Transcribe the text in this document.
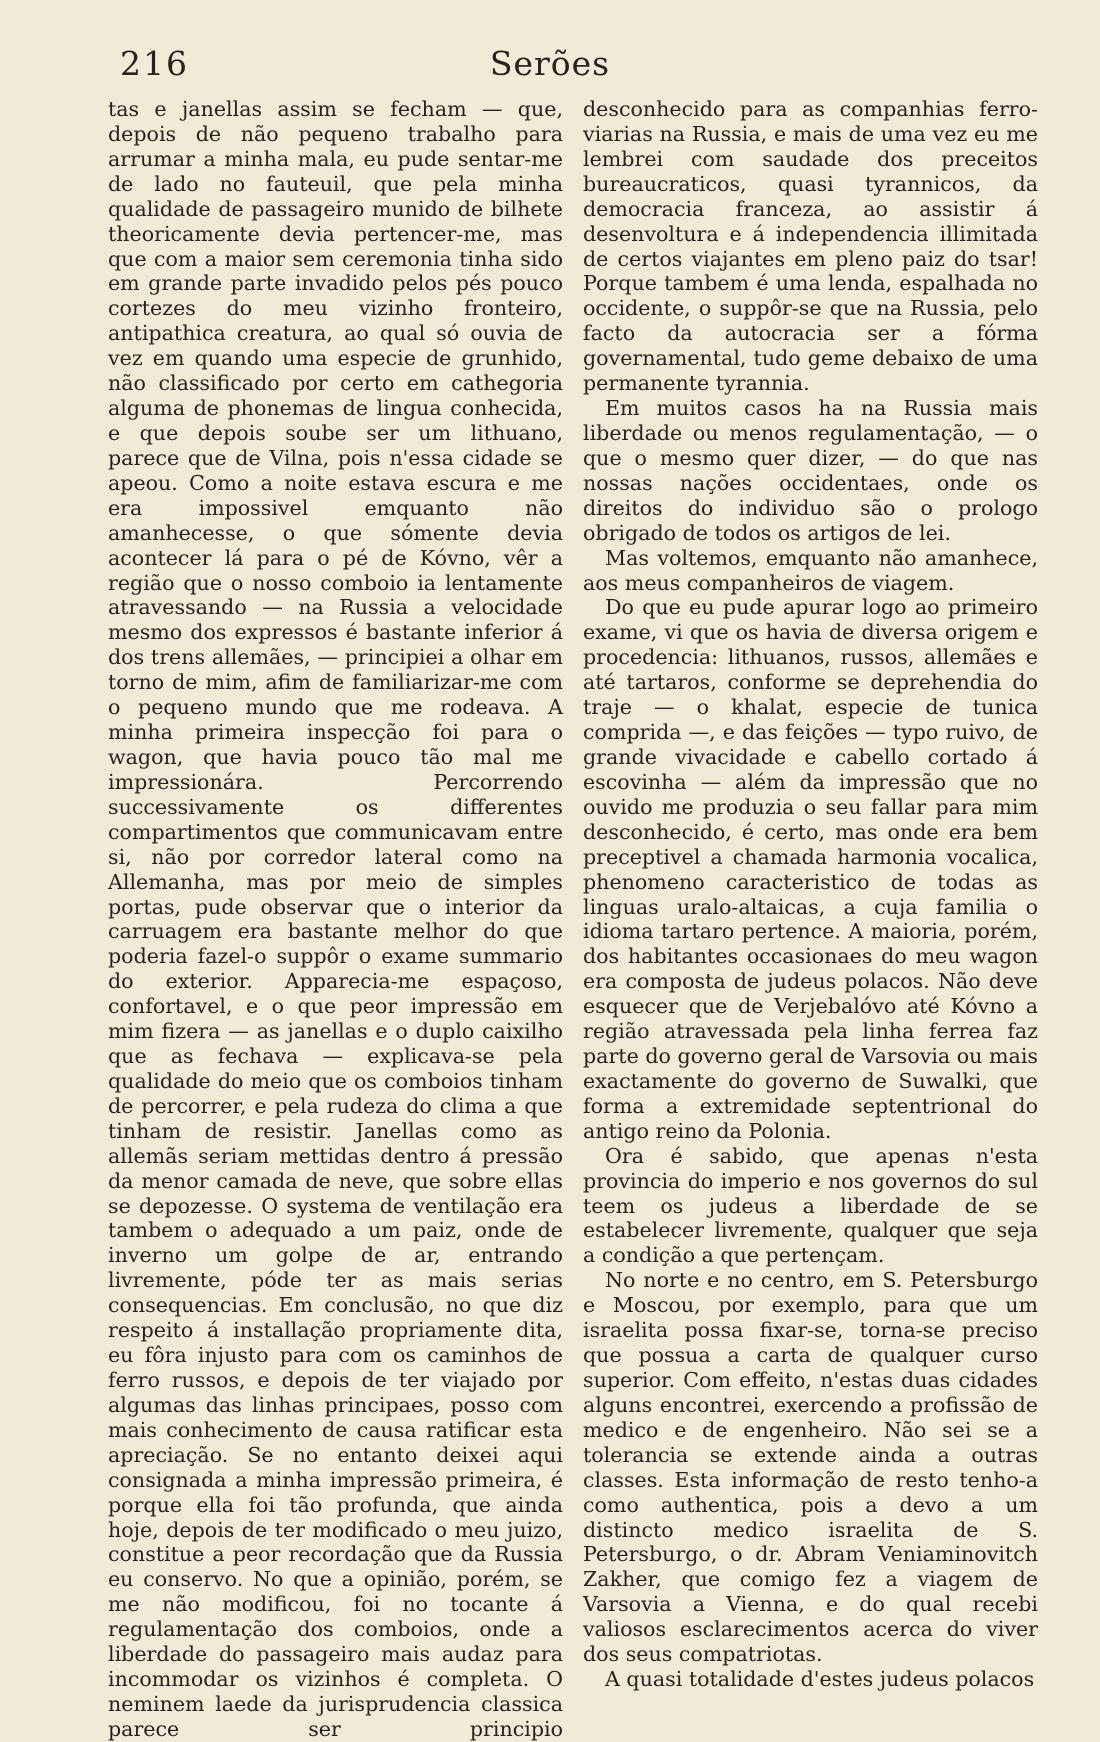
216	Serões

tas e janellas assim se fecham — que, depois de não pequeno trabalho para arrumar a minha mala, eu pude sentar-me de lado no fauteuil, que pela minha qualidade de passageiro munido de bilhete theoricamente devia pertencer-me, mas que com a maior sem ceremonia tinha sido em grande parte invadido pelos pés pouco cortezes do meu vizinho fronteiro, antipathica creatura, ao qual só ouvia de vez em quando uma especie de grunhido, não classificado por certo em cathegoria alguma de phonemas de lingua conhecida, e que depois soube ser um lithuano, parece que de Vilna, pois n'essa cidade se apeou. Como a noite estava escura e me era impossivel emquanto não amanhecesse, o que sómente devia acontecer lá para o pé de Kóvno, vêr a região que o nosso comboio ia lentamente atravessando — na Russia a velocidade mesmo dos expressos é bastante inferior á dos trens allemães, — principiei a olhar em torno de mim, afim de familiarizar-me com o pequeno mundo que me rodeava. A minha primeira inspecção foi para o wagon, que havia pouco tão mal me impressionára. Percorrendo successivamente os differentes compartimentos que communicavam entre si, não por corredor lateral como na Allemanha, mas por meio de simples portas, pude observar que o interior da carruagem era bastante melhor do que poderia fazel-o suppôr o exame summario do exterior. Apparecia-me espaçoso, confortavel, e o que peor impressão em mim fizera — as janellas e o duplo caixilho que as fechava — explicava-se pela qualidade do meio que os comboios tinham de percorrer, e pela rudeza do clima a que tinham de resistir. Janellas como as allemãs seriam mettidas dentro á pressão da menor camada de neve, que sobre ellas se depozesse. O systema de ventilação era tambem o adequado a um paiz, onde de inverno um golpe de ar, entrando livremente, póde ter as mais serias consequencias. Em conclusão, no que diz respeito á installação propriamente dita, eu fôra injusto para com os caminhos de ferro russos, e depois de ter viajado por algumas das linhas principaes, posso com mais conhecimento de causa ratificar esta apreciação. Se no entanto deixei aqui consignada a minha impressão primeira, é porque ella foi tão profunda, que ainda hoje, depois de ter modificado o meu juizo, constitue a peor recordação que da Russia eu conservo. No que a opinião, porém, se me não modificou, foi no tocante á regulamentação dos comboios, onde a liberdade do passageiro mais audaz para incommodar os vizinhos é completa. O neminem laede da jurisprudencia classica parece ser principio

desconhecido para as companhias ferro-viarias na Russia, e mais de uma vez eu me lembrei com saudade dos preceitos bureaucraticos, quasi tyrannicos, da democracia franceza, ao assistir á desenvoltura e á independencia illimitada de certos viajantes em pleno paiz do tsar! Porque tambem é uma lenda, espalhada no occidente, o suppôr-se que na Russia, pelo facto da autocracia ser a fórma governamental, tudo geme debaixo de uma permanente tyrannia.

Em muitos casos ha na Russia mais liberdade ou menos regulamentação, — o que o mesmo quer dizer, — do que nas nossas nações occidentaes, onde os direitos do individuo são o prologo obrigado de todos os artigos de lei.

Mas voltemos, emquanto não amanhece, aos meus companheiros de viagem.

Do que eu pude apurar logo ao primeiro exame, vi que os havia de diversa origem e procedencia: lithuanos, russos, allemães e até tartaros, conforme se deprehendia do traje — o khalat, especie de tunica comprida —, e das feições — typo ruivo, de grande vivacidade e cabello cortado á escovinha — além da impressão que no ouvido me produzia o seu fallar para mim desconhecido, é certo, mas onde era bem preceptivel a chamada harmonia vocalica, phenomeno caracteristico de todas as linguas uralo-altaicas, a cuja familia o idioma tartaro pertence. A maioria, porém, dos habitantes occasionaes do meu wagon era composta de judeus polacos. Não deve esquecer que de Verjebalóvo até Kóvno a região atravessada pela linha ferrea faz parte do governo geral de Varsovia ou mais exactamente do governo de Suwalki, que forma a extremidade septentrional do antigo reino da Polonia.

Ora é sabido, que apenas n'esta provincia do imperio e nos governos do sul teem os judeus a liberdade de se estabelecer livremente, qualquer que seja a condição a que pertençam.

No norte e no centro, em S. Petersburgo e Moscou, por exemplo, para que um israelita possa fixar-se, torna-se preciso que possua a carta de qualquer curso superior. Com effeito, n'estas duas cidades alguns encontrei, exercendo a profissão de medico e de engenheiro. Não sei se a tolerancia se extende ainda a outras classes. Esta informação de resto tenho-a como authentica, pois a devo a um distincto medico israelita de S. Petersburgo, o dr. Abram Veniaminovitch Zakher, que comigo fez a viagem de Varsovia a Vienna, e do qual recebi valiosos esclarecimentos acerca do viver dos seus compatriotas.

A quasi totalidade d'estes judeus polacos
